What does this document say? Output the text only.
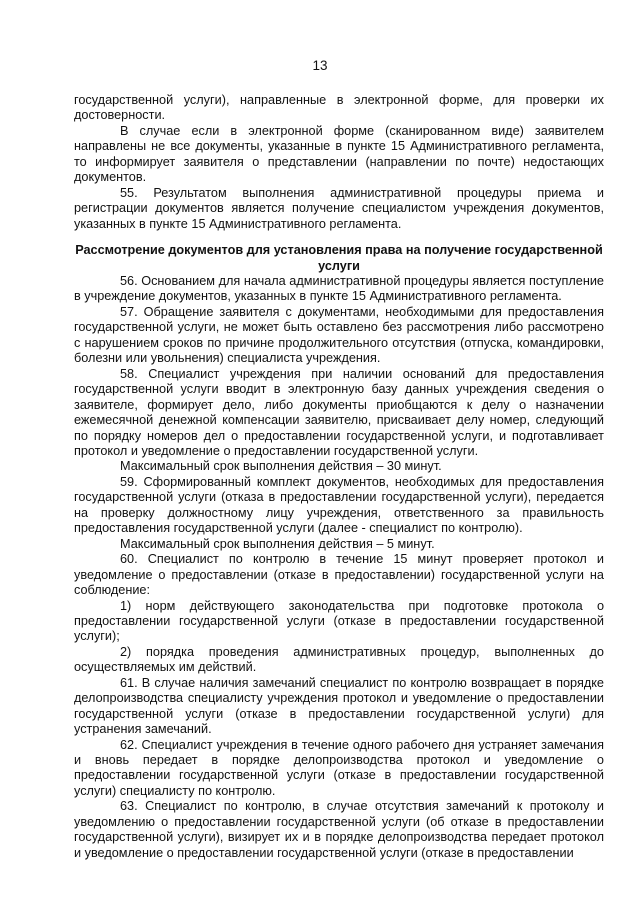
13

государственной услуги), направленные в электронной форме, для проверки их достоверности.

В случае если в электронной форме (сканированном виде) заявителем направлены не все документы, указанные в пункте 15 Административного регламента, то информирует заявителя о представлении (направлении по почте) недостающих документов.

55. Результатом выполнения административной процедуры приема и регистрации документов является получение специалистом учреждения документов, указанных в пункте 15 Административного регламента.

Рассмотрение документов для установления права на получение государственной услуги

56. Основанием для начала административной процедуры является поступление в учреждение документов, указанных в пункте 15 Административного регламента.

57. Обращение заявителя с документами, необходимыми для предоставления государственной услуги, не может быть оставлено без рассмотрения либо рассмотрено с нарушением сроков по причине продолжительного отсутствия (отпуска, командировки, болезни или увольнения) специалиста учреждения.

58. Специалист учреждения при наличии оснований для предоставления государственной услуги вводит в электронную базу данных учреждения сведения о заявителе, формирует дело, либо документы приобщаются к делу о назначении ежемесячной денежной компенсации заявителю, присваивает делу номер, следующий по порядку номеров дел о предоставлении государственной услуги, и подготавливает протокол и уведомление о предоставлении государственной услуги.

Максимальный срок выполнения действия – 30 минут.

59. Сформированный комплект документов, необходимых для предоставления государственной услуги (отказа в предоставлении государственной услуги), передается на проверку должностному лицу учреждения, ответственного за правильность предоставления государственной услуги (далее - специалист по контролю).

Максимальный срок выполнения действия – 5 минут.

60. Специалист по контролю в течение 15 минут проверяет протокол и уведомление о предоставлении (отказе в предоставлении) государственной услуги на соблюдение:

1) норм действующего законодательства при подготовке протокола о предоставлении государственной услуги (отказе в предоставлении государственной услуги);

2) порядка проведения административных процедур, выполненных до осуществляемых им действий.

61. В случае наличия замечаний специалист по контролю возвращает в порядке делопроизводства специалисту учреждения протокол и уведомление о предоставлении государственной услуги (отказе в предоставлении государственной услуги) для устранения замечаний.

62. Специалист учреждения в течение одного рабочего дня устраняет замечания и вновь передает в порядке делопроизводства протокол и уведомление о предоставлении государственной услуги (отказе в предоставлении государственной услуги) специалисту по контролю.

63. Специалист по контролю, в случае отсутствия замечаний к протоколу и уведомлению о предоставлении государственной услуги (об отказе в предоставлении государственной услуги), визирует их и в порядке делопроизводства передает протокол и уведомление о предоставлении государственной услуги (отказе в предоставлении
